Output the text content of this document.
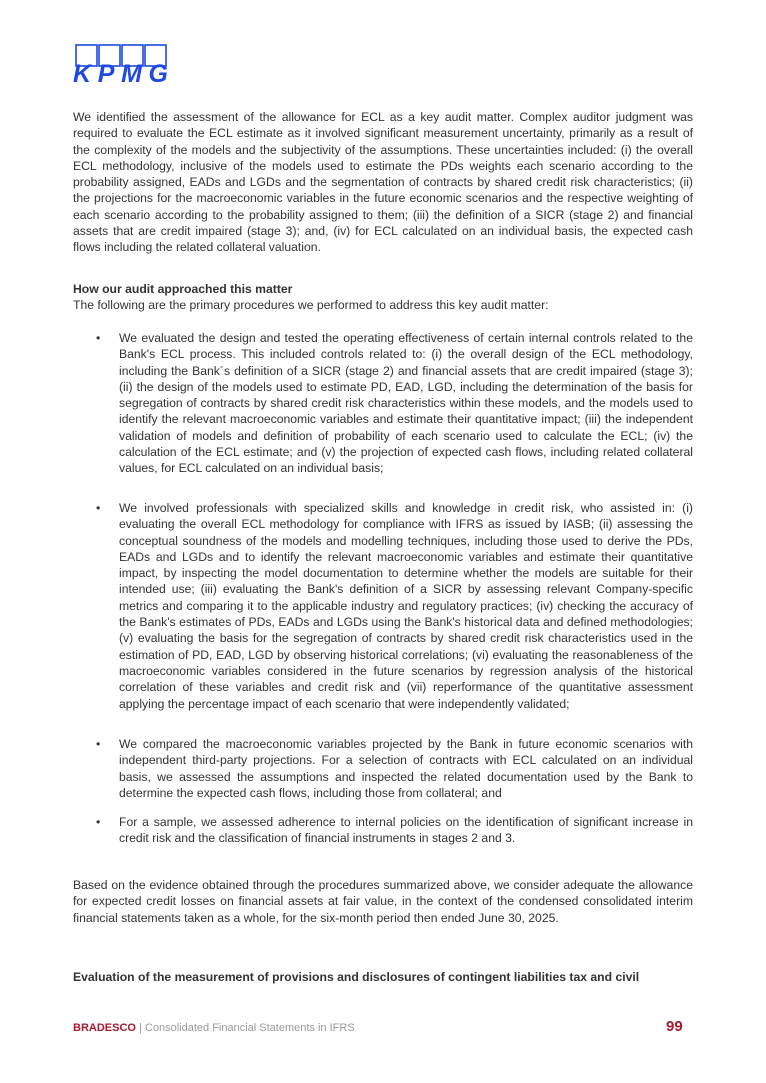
KPMG

We identified the assessment of the allowance for ECL as a key audit matter. Complex auditor judgment was required to evaluate the ECL estimate as it involved significant measurement uncertainty, primarily as a result of the complexity of the models and the subjectivity of the assumptions. These uncertainties included: (i) the overall ECL methodology, inclusive of the models used to estimate the PDs weights each scenario according to the probability assigned, EADs and LGDs and the segmentation of contracts by shared credit risk characteristics; (ii) the projections for the macroeconomic variables in the future economic scenarios and the respective weighting of each scenario according to the probability assigned to them; (iii) the definition of a SICR (stage 2) and financial assets that are credit impaired (stage 3); and, (iv) for ECL calculated on an individual basis, the expected cash flows including the related collateral valuation.

How our audit approached this matter
The following are the primary procedures we performed to address this key audit matter:
• We evaluated the design and tested the operating effectiveness of certain internal controls related to the Bank's ECL process. This included controls related to: (i) the overall design of the ECL methodology, including the Bank´s definition of a SICR (stage 2) and financial assets that are credit impaired (stage 3); (ii) the design of the models used to estimate PD, EAD, LGD, including the determination of the basis for segregation of contracts by shared credit risk characteristics within these models, and the models used to identify the relevant macroeconomic variables and estimate their quantitative impact; (iii) the independent validation of models and definition of probability of each scenario used to calculate the ECL; (iv) the calculation of the ECL estimate; and (v) the projection of expected cash flows, including related collateral values, for ECL calculated on an individual basis;
• We involved professionals with specialized skills and knowledge in credit risk, who assisted in: (i) evaluating the overall ECL methodology for compliance with IFRS as issued by IASB; (ii) assessing the conceptual soundness of the models and modelling techniques, including those used to derive the PDs, EADs and LGDs and to identify the relevant macroeconomic variables and estimate their quantitative impact, by inspecting the model documentation to determine whether the models are suitable for their intended use; (iii) evaluating the Bank's definition of a SICR by assessing relevant Company-specific metrics and comparing it to the applicable industry and regulatory practices; (iv) checking the accuracy of the Bank's estimates of PDs, EADs and LGDs using the Bank's historical data and defined methodologies; (v) evaluating the basis for the segregation of contracts by shared credit risk characteristics used in the estimation of PD, EAD, LGD by observing historical correlations; (vi) evaluating the reasonableness of the macroeconomic variables considered in the future scenarios by regression analysis of the historical correlation of these variables and credit risk and (vii) reperformance of the quantitative assessment applying the percentage impact of each scenario that were independently validated;
• We compared the macroeconomic variables projected by the Bank in future economic scenarios with independent third-party projections. For a selection of contracts with ECL calculated on an individual basis, we assessed the assumptions and inspected the related documentation used by the Bank to determine the expected cash flows, including those from collateral; and
• For a sample, we assessed adherence to internal policies on the identification of significant increase in credit risk and the classification of financial instruments in stages 2 and 3.
Based on the evidence obtained through the procedures summarized above, we consider adequate the allowance for expected credit losses on financial assets at fair value, in the context of the condensed consolidated interim financial statements taken as a whole, for the six-month period then ended June 30, 2025.
Evaluation of the measurement of provisions and disclosures of contingent liabilities tax and civil
BRADESCO | Consolidated Financial Statements in IFRS	99
